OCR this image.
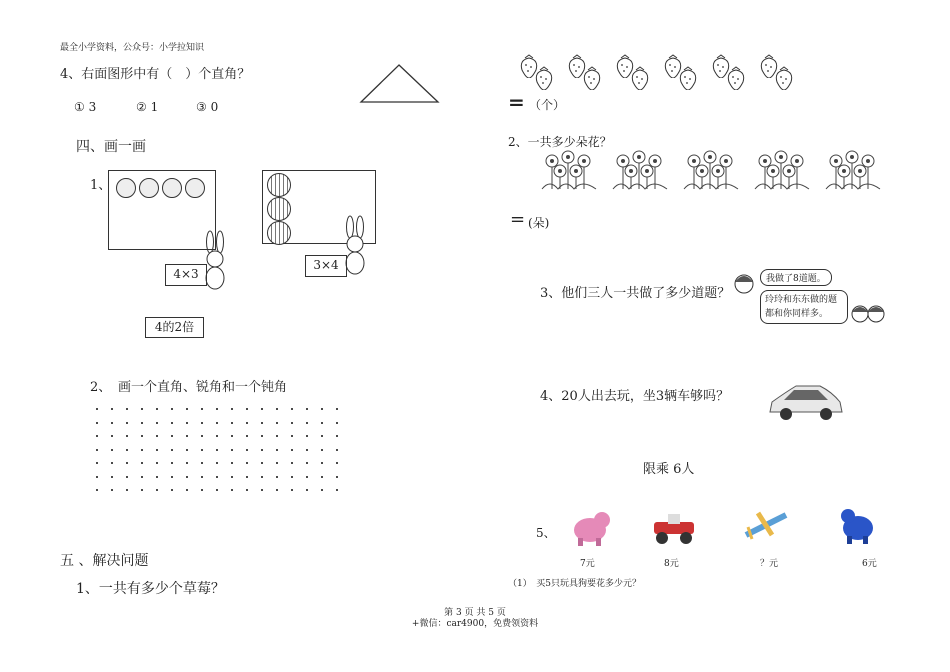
最全小学资料，公众号：小学拉知识
4、右面图形中有（　）个直角？
① 3	② 1	③ 0
四、画一画
1、
4×3
3×4
4的2倍
2、 画一个直角、锐角和一个钝角
五 、解决问题
1、一共有多少个草莓？
= （个）
2、一共多少朵花？
= (朵)
3、他们三人一共做了多少道题？
我做了8道题。
玲玲和东东做的题都和你同样多。
4、20人出去玩，坐3辆车够吗？
限乘 6人
5、
7元	8元	？元	6元
（1）　买5只玩具狗要花多少元？
第 3 页 共 5 页
+微信：car4900，免费领资料
